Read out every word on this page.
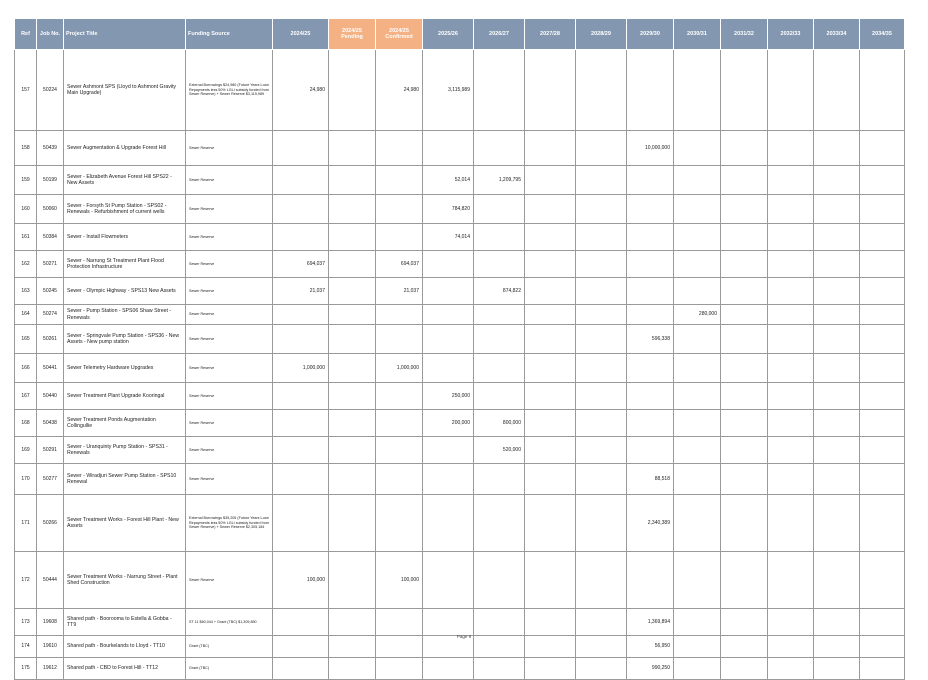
Ref	Job No.	Project Title	Funding Source	2024/25	2024/25 Pending	2024/25 Confirmed	2025/26	2026/27	2027/28	2028/29	2029/30	2030/31	2031/32	2032/33	2033/34	2034/35
157	50224	Sewer Ashmont SPS (Lloyd to Ashmont Gravity Main Upgrade)	External Borrowings $24,980 (Future Years Loan Repayments less 50% LGLI subsidy funded from Sewer Reserve) + Sewer Reserve $3,115,989	24,980		24,980	3,115,989									
158	50439	Sewer Augmentation & Upgrade Forest Hill	Sewer Reserve								10,000,000					
159	50199	Sewer - Elizabeth Avenue Forest Hill SPS22 - New Assets	Sewer Reserve				52,014	1,209,795								
160	50060	Sewer - Forsyth St Pump Station - SPS02 - Renewals - Refurbishment of current wells	Sewer Reserve				784,820									
161	50384	Sewer - Install Flowmeters	Sewer Reserve				74,014									
162	50271	Sewer - Narrung St Treatment Plant Flood Protection Infrastructure	Sewer Reserve	694,037		694,037										
163	50245	Sewer - Olympic Highway - SPS13 New Assets	Sewer Reserve	21,037		21,037		874,822								
164	50274	Sewer - Pump Station - SPS06 Shaw Street - Renewals	Sewer Reserve									280,000				
165	50261	Sewer - Springvale Pump Station - SPS36 - New Assets - New pump station	Sewer Reserve								596,338					
166	50441	Sewer Telemetry Hardware Upgrades	Sewer Reserve	1,000,000		1,000,000										
167	50440	Sewer Treatment Plant Upgrade Kooringal	Sewer Reserve				250,000									
168	50438	Sewer Treatment Ponds Augmentation Collingullie	Sewer Reserve				200,000	800,000								
169	50291	Sewer - Uranquinty Pump Station - SPS31 - Renewals	Sewer Reserve					520,000								
170	50277	Sewer - Wiradjuri Sewer Pump Station - SPS10 Renewal	Sewer Reserve								88,518					
171	50266	Sewer Treatment Works - Forest Hill Plant - New Assets	External Borrowings $35,205 (Future Years Loan Repayments less 50% LGLI subsidy funded from Sewer Reserve) + Sewer Reserve $2,305,184								2,340,389					
172	50444	Sewer Treatment Works - Narrung Street - Plant Shed Construction	Sewer Reserve	100,000		100,000										
173	19608	Shared path - Boorooma to Estella & Gobba - TT9	ST 11 $60,044 + Grant (TBC) $1,309,850								1,369,894					
174	19610	Shared path - Bourkelands to Lloyd - TT10	Grant (TBC)								56,950					
175	19612	Shared path - CBD to Forest Hill - TT12	Grant (TBC)								990,250					
Page 9
